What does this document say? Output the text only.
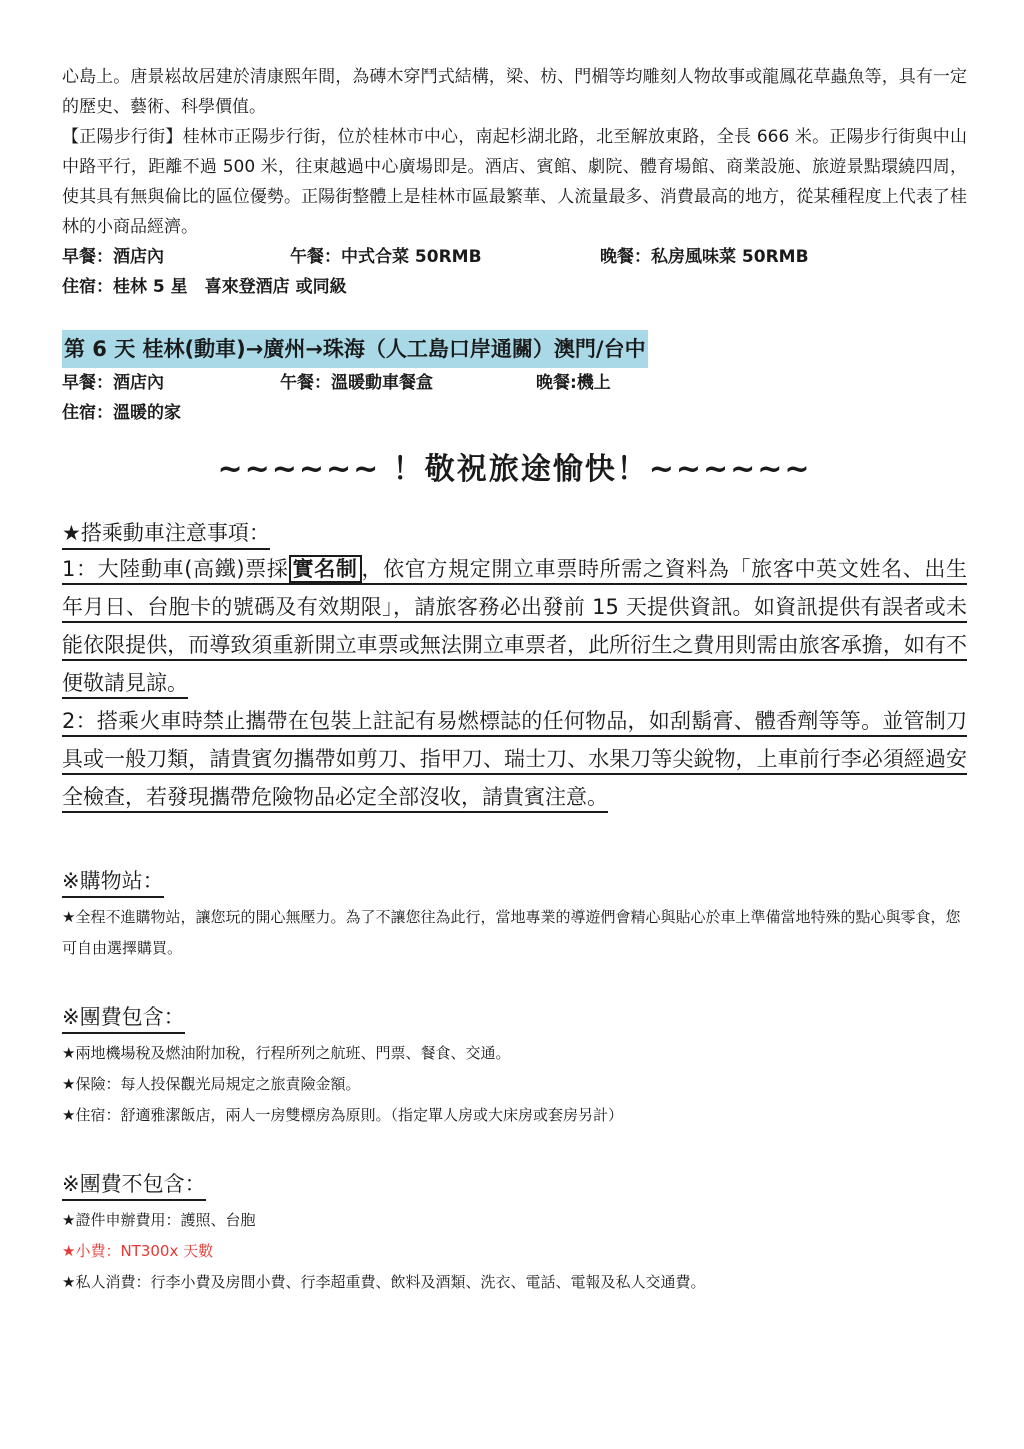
心島上。唐景崧故居建於清康熙年間，為磚木穿鬥式結構，梁、枋、門楣等均雕刻人物故事或龍鳳花草蟲魚等，具有一定的歷史、藝術、科學價值。

【正陽步行街】桂林市正陽步行街，位於桂林市中心，南起杉湖北路，北至解放東路，全長 666 米。正陽步行街與中山中路平行，距離不過 500 米，往東越過中心廣場即是。酒店、賓館、劇院、體育場館、商業設施、旅遊景點環繞四周，使其具有無與倫比的區位優勢。正陽街整體上是桂林市區最繁華、人流量最多、消費最高的地方，從某種程度上代表了桂林的小商品經濟。

早餐：酒店內	午餐：中式合菜 50RMB	晚餐：私房風味菜 50RMB
住宿：桂林 5 星　喜來登酒店 或同級
第 6 天 桂林(動車)→廣州→珠海（人工島口岸通關）澳門/台中
早餐：酒店內	午餐：溫暖動車餐盒	晚餐:機上
住宿：溫暖的家
~~~~~~ ！敬祝旅途愉快！~~~~~~
★搭乘動車注意事項：

1：大陸動車(高鐵)票採 實名制 ，依官方規定開立車票時所需之資料為「旅客中英文姓名、出生 年月日、台胞卡的號碼及有效期限」，請旅客務必出發前 15 天提供資訊。如資訊提供有誤者或未能依限提供，而導致須重新開立車票或無法開立車票者，此所衍生之費用則需由旅客承擔，如有不便敬請見諒。

2：搭乘火車時禁止攜帶在包裝上註記有易燃標誌的任何物品，如刮鬍膏、體香劑等等。並管制刀具或一般刀類，請貴賓勿攜帶如剪刀、指甲刀、瑞士刀、水果刀等尖銳物，上車前行李必須經過安全檢查，若發現攜帶危險物品必定全部沒收，請貴賓注意。

※購物站：

★全程不進購物站，讓您玩的開心無壓力。為了不讓您往為此行，當地專業的導遊們會精心與貼心於車上準備當地特殊的點心與零食，您可自由選擇購買。

※團費包含：

★兩地機場稅及燃油附加稅，行程所列之航班、門票、餐食、交通。

★保險：每人投保觀光局規定之旅責險金額。

★住宿：舒適雅潔飯店，兩人一房雙標房為原則。（指定單人房或大床房或套房另計）

※團費不包含：

★證件申辦費用：護照、台胞

★小費：NT300x 天數

★私人消費：行李小費及房間小費、行李超重費、飲料及酒類、洗衣、電話、電報及私人交通費。
